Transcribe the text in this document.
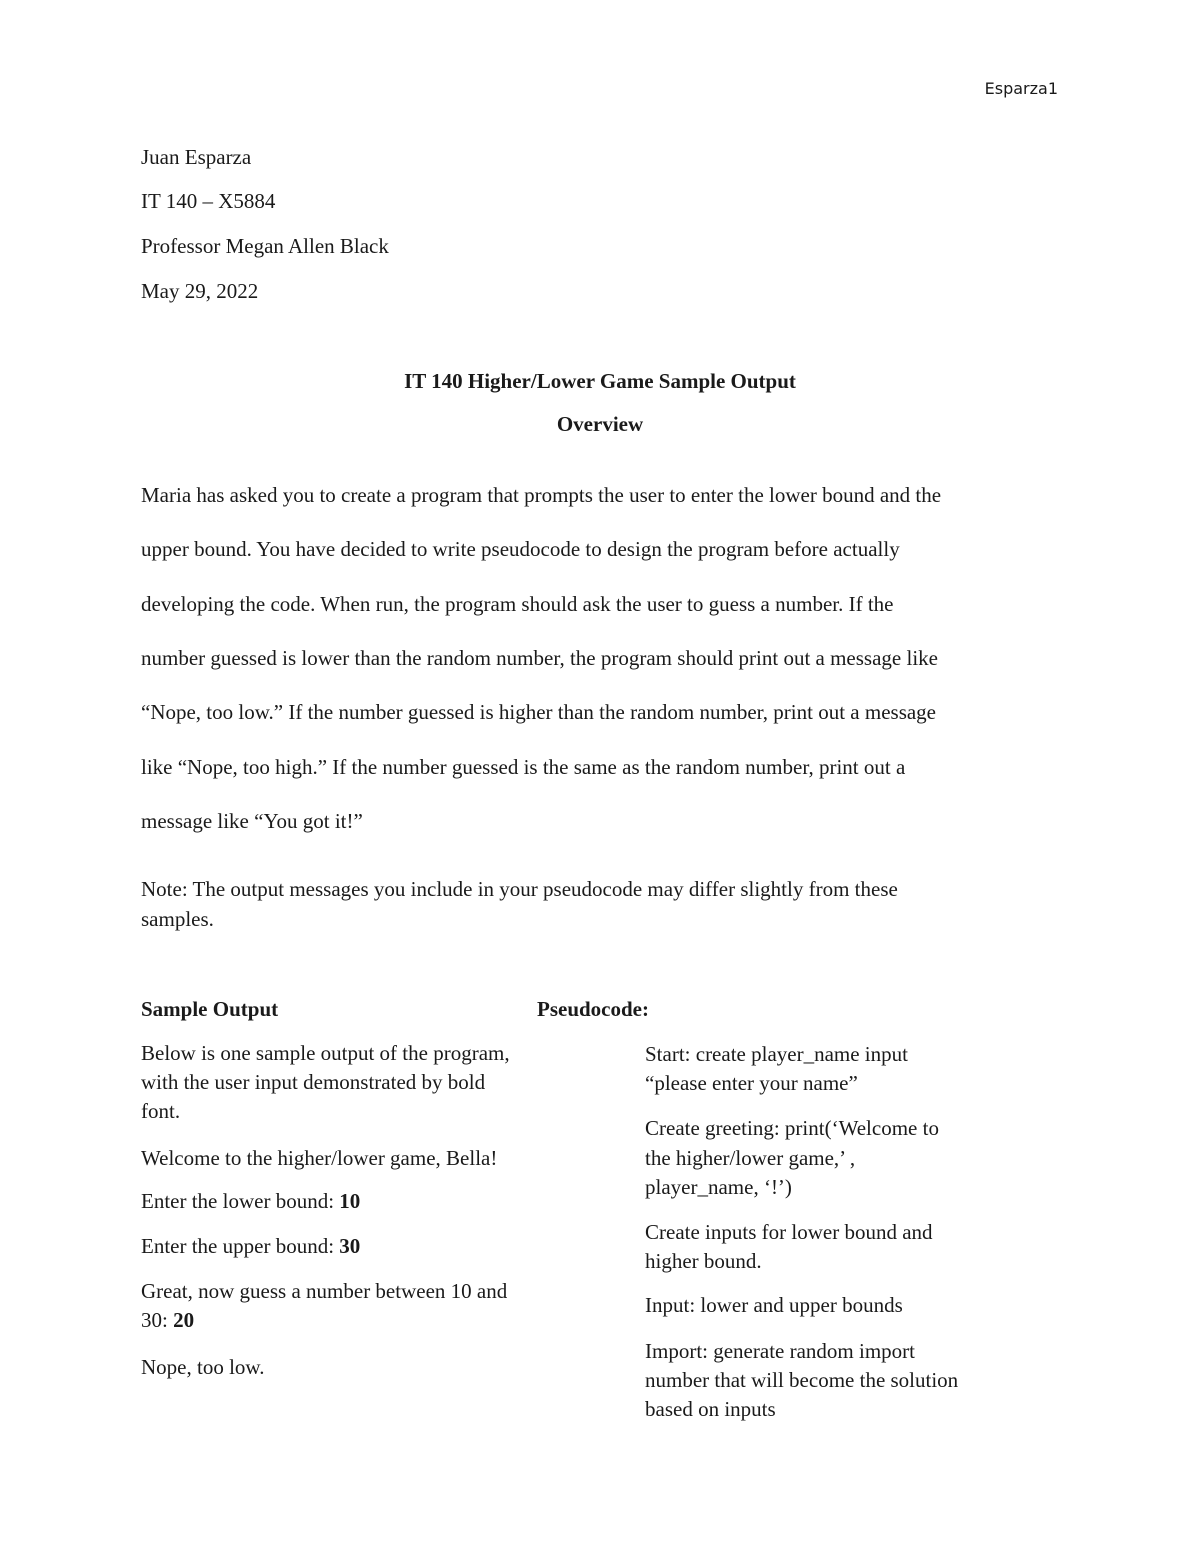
Esparza1
Juan Esparza
IT 140 – X5884
Professor Megan Allen Black
May 29, 2022
IT 140 Higher/Lower Game Sample Output
Overview
Maria has asked you to create a program that prompts the user to enter the lower bound and the
upper bound. You have decided to write pseudocode to design the program before actually
developing the code. When run, the program should ask the user to guess a number. If the
number guessed is lower than the random number, the program should print out a message like
“Nope, too low.” If the number guessed is higher than the random number, print out a message
like “Nope, too high.” If the number guessed is the same as the random number, print out a
message like “You got it!”
Note: The output messages you include in your pseudocode may differ slightly from these
samples.
Sample Output
Below is one sample output of the program,
with the user input demonstrated by bold
font.
Welcome to the higher/lower game, Bella!
Enter the lower bound: 10
Enter the upper bound: 30
Great, now guess a number between 10 and
30: 20
Nope, too low.
Pseudocode:
Start: create player_name input
“please enter your name”
Create greeting: print(‘Welcome to
the higher/lower game,’ ,
player_name, ‘!’)
Create inputs for lower bound and
higher bound.
Input: lower and upper bounds
Import: generate random import
number that will become the solution
based on inputs
